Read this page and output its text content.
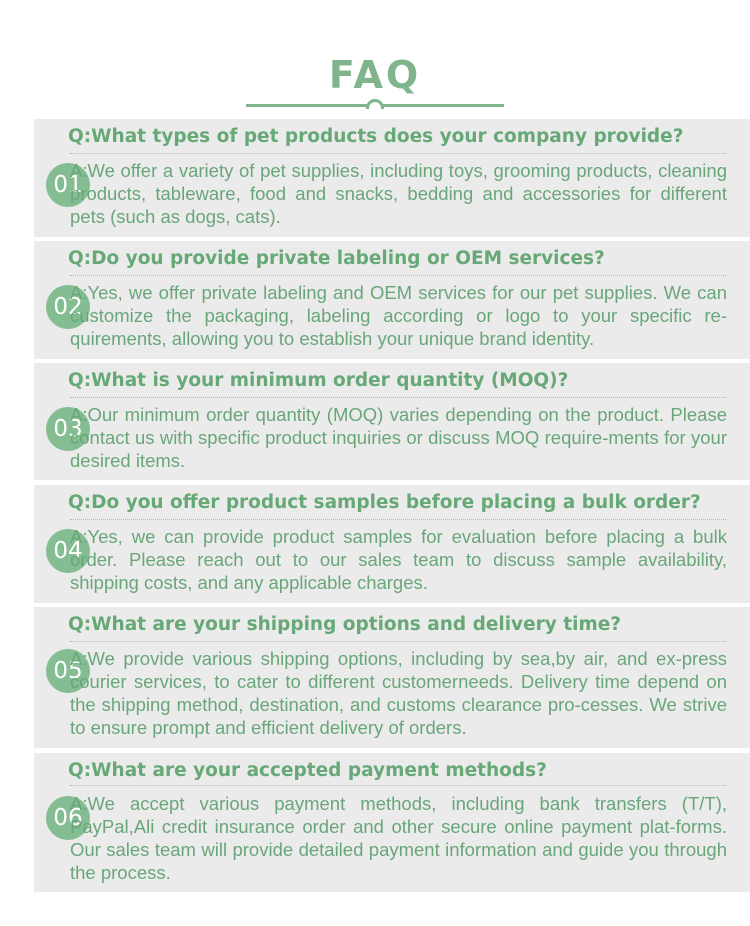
FAQ
01
Q:What types of pet products does your company provide?
A:We offer a variety of pet supplies, including toys, grooming products, cleaning products, tableware, food and snacks, bedding and accessories for different pets (such as dogs, cats).
02
Q:Do you provide private labeling or OEM services?
A:Yes, we offer private labeling and OEM services for our pet supplies. We can customize the packaging, labeling according or logo to your specific re-quirements, allowing you to establish your unique brand identity.
03
Q:What is your minimum order quantity (MOQ)?
A:Our minimum order quantity (MOQ) varies depending on the product. Please contact us with specific product inquiries or discuss MOQ require-ments for your desired items.
04
Q:Do you offer product samples before placing a bulk order?
A:Yes, we can provide product samples for evaluation before placing a bulk order. Please reach out to our sales team to discuss sample availability, shipping costs, and any applicable charges.
05
Q:What are your shipping options and delivery time?
A:We provide various shipping options, including by sea,by air, and ex-press courier services, to cater to different customerneeds. Delivery time depend on the shipping method, destination, and customs clearance pro-cesses. We strive to ensure prompt and efficient delivery of orders.
06
Q:What are your accepted payment methods?
A:We accept various payment methods, including bank transfers (T/T), PayPal,Ali credit insurance order and other secure online payment plat-forms. Our sales team will provide detailed payment information and guide you through the process.
